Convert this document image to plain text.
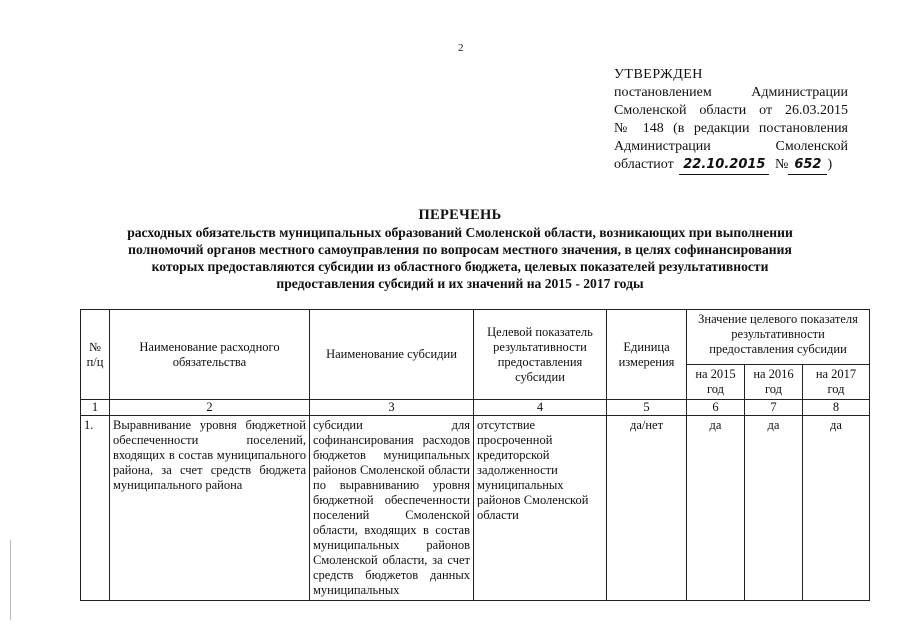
2
УТВЕРЖДЕН
постановлением Администрации
Смоленской области от 26.03.2015
№ 148 (в редакции постановления
Администрации Смоленской
областиот 22.10.2015 № 652 )
ПЕРЕЧЕНЬ
расходных обязательств муниципальных образований Смоленской области, возникающих при выполнении
полномочий органов местного самоуправления по вопросам местного значения, в целях софинансирования
которых предоставляются субсидии из областного бюджета, целевых показателей результативности
предоставления субсидий и их значений на 2015 - 2017 годы
№ п/ц	Наименование расходного обязательства	Наименование субсидии	Целевой показатель результативности предоставления субсидии	Единица измерения	Значение целевого показателя результативности предоставления субсидии		
					на 2015 год	на 2016 год	на 2017 год
1	2	3	4	5	6	7	8
1.	Выравнивание уровня бюджетной обеспеченности поселений, входящих в состав муниципального района, за счет средств бюджета муниципального района	субсидии для софинансирования расходов бюджетов муниципальных районов Смоленской области по выравниванию уровня бюджетной обеспеченности поселений Смоленской области, входящих в состав муниципальных районов Смоленской области, за счет средств бюджетов данных муниципальных	отсутствие просроченной кредиторской задолженности муниципальных районов Смоленской области	да/нет	да	да	да
